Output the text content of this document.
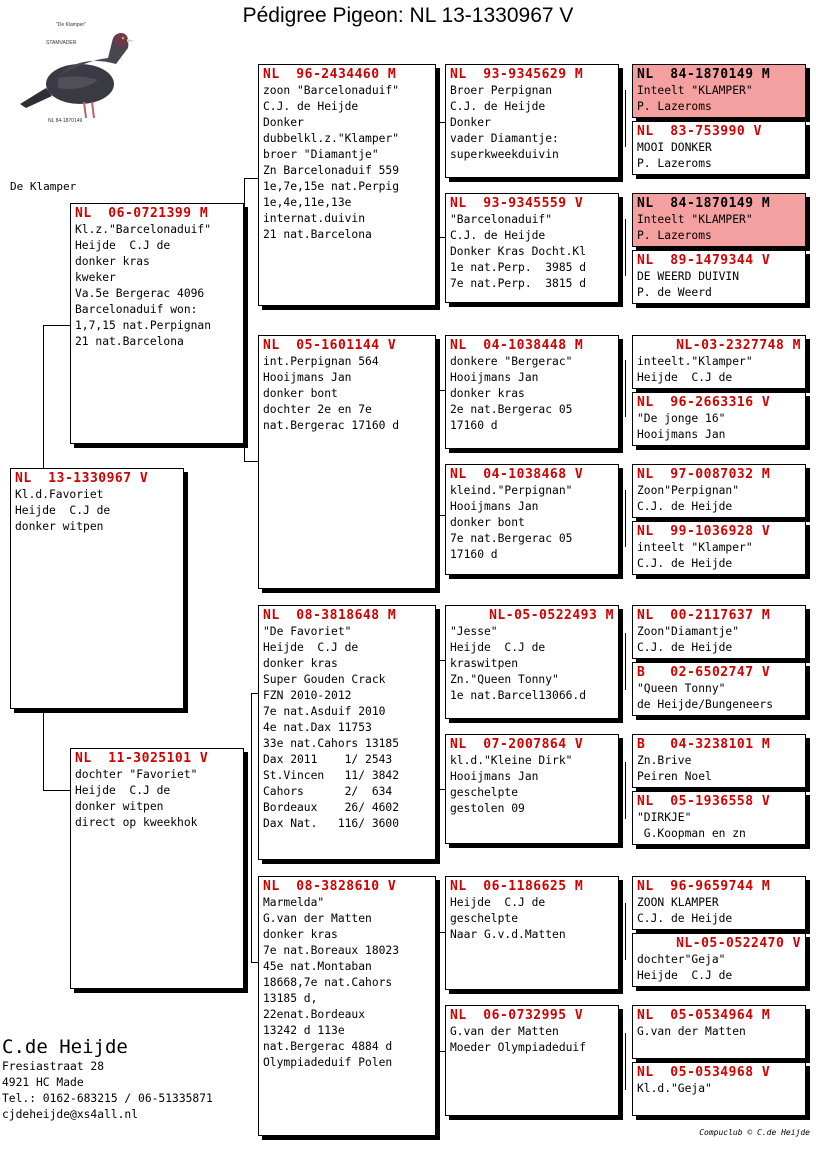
Pédigree Pigeon: NL 13-1330967 V
"De Klamper"
STAMVADER
NL 84-1870149
De Klamper
NL  13-1330967 V
Kl.d.Favoriet
Heijde  C.J de
donker witpen
NL  06-0721399 M
Kl.z."Barcelonaduif"
Heijde  C.J de
donker kras
kweker
Va.5e Bergerac 4096
Barcelonaduif won:
1,7,15 nat.Perpignan
21 nat.Barcelona
NL  11-3025101 V
dochter "Favoriet"
Heijde  C.J de
donker witpen
direct op kweekhok
NL  96-2434460 M
zoon "Barcelonaduif"
C.J. de Heijde
Donker
dubbelkl.z."Klamper"
broer "Diamantje"
Zn Barcelonaduif 559
1e,7e,15e nat.Perpig
1e,4e,11e,13e
internat.duivin
21 nat.Barcelona
NL  05-1601144 V
int.Perpignan 564
Hooijmans Jan
donker bont
dochter 2e en 7e
nat.Bergerac 17160 d
NL  08-3818648 M
"De Favoriet"
Heijde  C.J de
donker kras
Super Gouden Crack
FZN 2010-2012
7e nat.Asduif 2010
4e nat.Dax 11753
33e nat.Cahors 13185
Dax 2011    1/ 2543
St.Vincen   11/ 3842
Cahors      2/  634
Bordeaux    26/ 4602
Dax Nat.   116/ 3600
NL  08-3828610 V
Marmelda"
G.van der Matten
donker kras
7e nat.Boreaux 18023
45e nat.Montaban
18668,7e nat.Cahors
13185 d,
22enat.Bordeaux
13242 d 113e
nat.Bergerac 4884 d
Olympiadeduif Polen
NL  93-9345629 M
Broer Perpignan
C.J. de Heijde
Donker
vader Diamantje:
superkweekduivin
NL  93-9345559 V
"Barcelonaduif"
C.J. de Heijde
Donker Kras Docht.Kl
1e nat.Perp.  3985 d
7e nat.Perp.  3815 d
NL  04-1038448 M
donkere "Bergerac"
Hooijmans Jan
donker kras
2e nat.Bergerac 05
17160 d
NL  04-1038468 V
kleind."Perpignan"
Hooijmans Jan
donker bont
7e nat.Bergerac 05
17160 d
NL-05-0522493 M
"Jesse"
Heijde  C.J de
kraswitpen
Zn."Queen Tonny"
1e nat.Barcel13066.d
NL  07-2007864 V
kl.d."Kleine Dirk"
Hooijmans Jan
geschelpte
gestolen 09
NL  06-1186625 M
Heijde  C.J de
geschelpte
Naar G.v.d.Matten
NL  06-0732995 V
G.van der Matten
Moeder Olympiadeduif
NL  84-1870149 M
Inteelt "KLAMPER"
P. Lazeroms
NL  83-753990 V
MOOI DONKER
P. Lazeroms
NL  84-1870149 M
Inteelt "KLAMPER"
P. Lazeroms
NL  89-1479344 V
DE WEERD DUIVIN
P. de Weerd
NL-03-2327748 M
inteelt."Klamper"
Heijde  C.J de
NL  96-2663316 V
"De jonge 16"
Hooijmans Jan
NL  97-0087032 M
Zoon"Perpignan"
C.J. de Heijde
NL  99-1036928 V
inteelt "Klamper"
C.J. de Heijde
NL  00-2117637 M
Zoon"Diamantje"
C.J. de Heijde
B   02-6502747 V
"Queen Tonny"
de Heijde/Bungeneers
B   04-3238101 M
Zn.Brive
Peiren Noel
NL  05-1936558 V
"DIRKJE"
G.Koopman en zn
NL  96-9659744 M
ZOON KLAMPER
C.J. de Heijde
NL-05-0522470 V
dochter"Geja"
Heijde  C.J de
NL  05-0534964 M
G.van der Matten
NL  05-0534968 V
Kl.d."Geja"
C.de Heijde
Fresiastraat 28
4921 HC Made
Tel.: 0162-683215 / 06-51335871
cjdeheijde@xs4all.nl
Compuclub © C.de Heijde
